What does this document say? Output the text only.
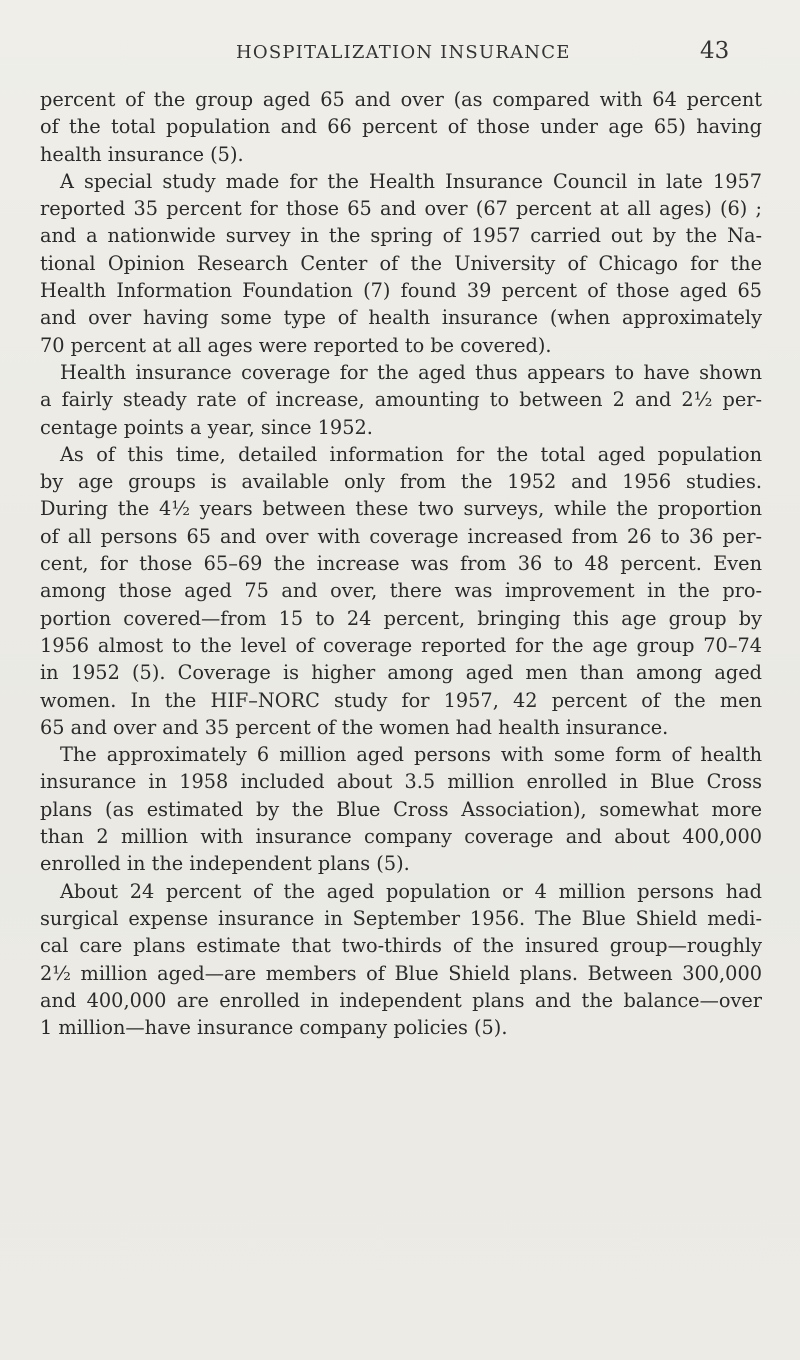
HOSPITALIZATION INSURANCE	43
percent of the group aged 65 and over (as compared with 64 percent
of the total population and 66 percent of those under age 65) having
health insurance (5).
A special study made for the Health Insurance Council in late 1957
reported 35 percent for those 65 and over (67 percent at all ages) (6) ;
and a nationwide survey in the spring of 1957 carried out by the Na-
tional Opinion Research Center of the University of Chicago for the
Health Information Foundation (7) found 39 percent of those aged 65
and over having some type of health insurance (when approximately
70 percent at all ages were reported to be covered).
Health insurance coverage for the aged thus appears to have shown
a fairly steady rate of increase, amounting to between 2 and 2½ per-
centage points a year, since 1952.
As of this time, detailed information for the total aged population
by age groups is available only from the 1952 and 1956 studies.
During the 4½ years between these two surveys, while the proportion
of all persons 65 and over with coverage increased from 26 to 36 per-
cent, for those 65–69 the increase was from 36 to 48 percent. Even
among those aged 75 and over, there was improvement in the pro-
portion covered—from 15 to 24 percent, bringing this age group by
1956 almost to the level of coverage reported for the age group 70–74
in 1952 (5). Coverage is higher among aged men than among aged
women. In the HIF–NORC study for 1957, 42 percent of the men
65 and over and 35 percent of the women had health insurance.
The approximately 6 million aged persons with some form of health
insurance in 1958 included about 3.5 million enrolled in Blue Cross
plans (as estimated by the Blue Cross Association), somewhat more
than 2 million with insurance company coverage and about 400,000
enrolled in the independent plans (5).
About 24 percent of the aged population or 4 million persons had
surgical expense insurance in September 1956. The Blue Shield medi-
cal care plans estimate that two-thirds of the insured group—roughly
2½ million aged—are members of Blue Shield plans. Between 300,000
and 400,000 are enrolled in independent plans and the balance—over
1 million—have insurance company policies (5).
